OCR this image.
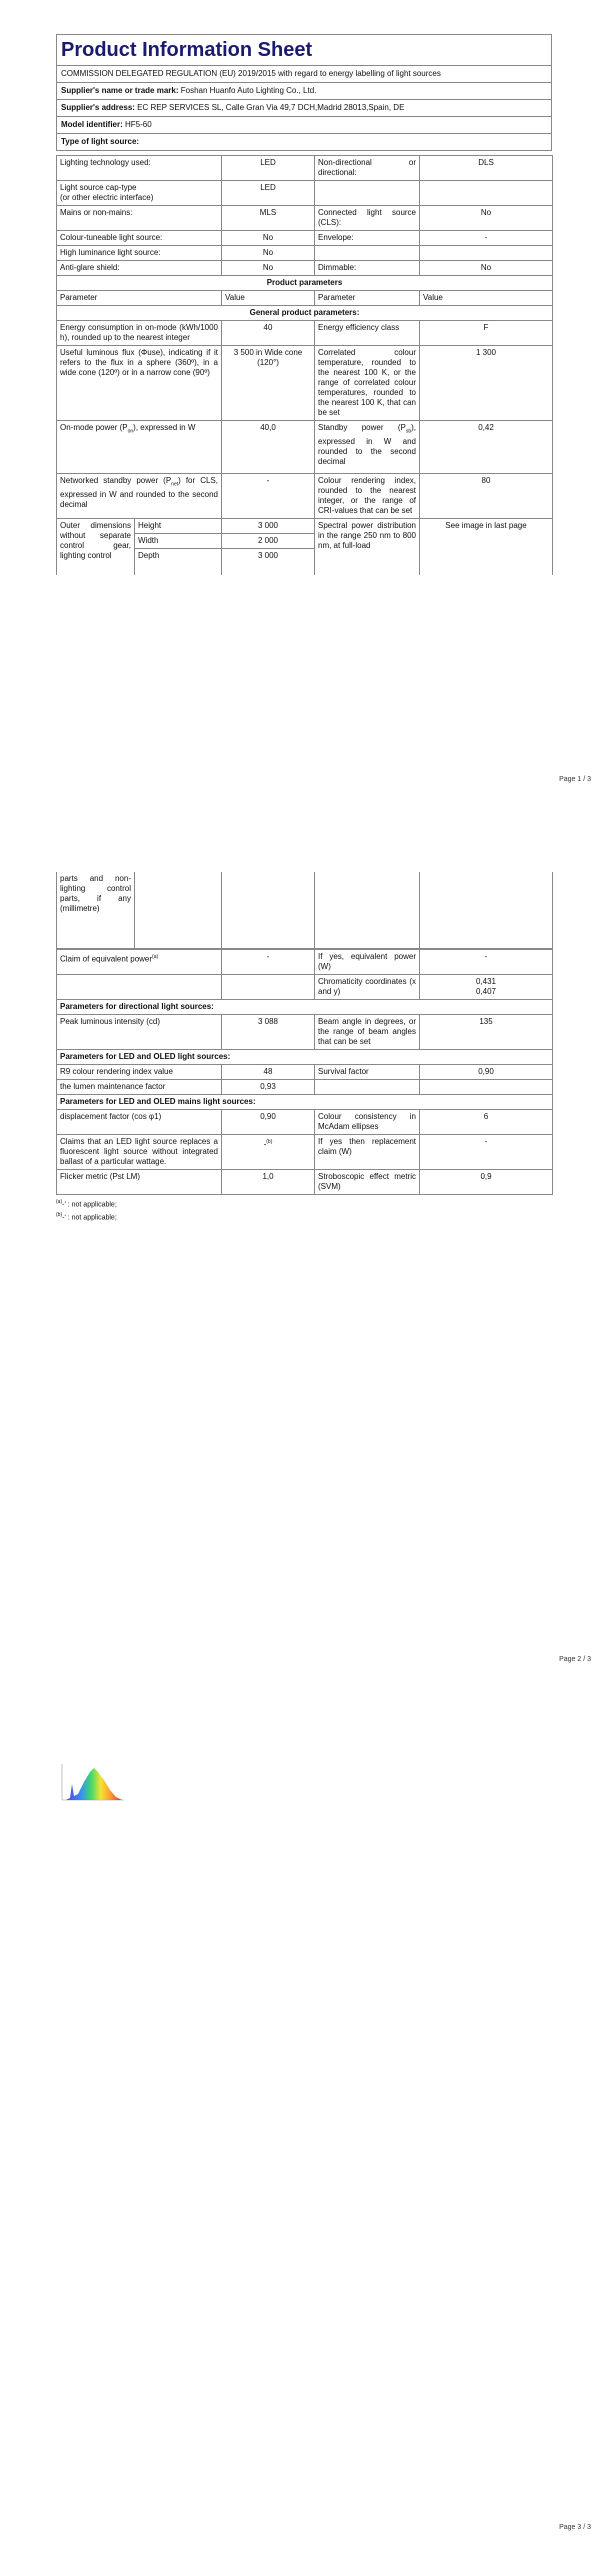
Product Information Sheet
COMMISSION DELEGATED REGULATION (EU) 2019/2015 with regard to energy labelling of light sources
Supplier's name or trade mark: Foshan Huanfo Auto Lighting Co., Ltd.
Supplier's address: EC REP SERVICES SL, Calle Gran Via 49,7 DCH,Madrid 28013,Spain, DE
Model identifier: HF5-60
Type of light source:
Lighting technology used:	LED	Non-directional or directional:	DLS
Light source cap-type
(or other electric interface)	LED		
Mains or non-mains:	MLS	Connected light source (CLS):	No
Colour-tuneable light source:	No	Envelope:	-
High luminance light source:	No		
Anti-glare shield:	No	Dimmable:	No
Product parameters			
Parameter	Value	Parameter	Value
General product parameters:			
Energy consumption in on-mode (kWh/1000 h), rounded up to the nearest integer	40	Energy efficiency class	F
Useful luminous flux (Φuse), indicating if it refers to the flux in a sphere (360º), in a wide cone (120º) or in a narrow cone (90º)	3 500 in Wide cone (120°)	Correlated colour temperature, rounded to the nearest 100 K, or the range of correlated colour temperatures, rounded to the nearest 100 K, that can be set	1 300
On-mode power $(P_{on})$, expressed in W	40,0	Standby power $(P_{sb})$, expressed in W and rounded to the second decimal	0,42
Networked standby power $(P_{net})$ for CLS, expressed in W and rounded to the second decimal	-	Colour rendering index, rounded to the nearest integer, or the range of CRI-values that can be set	80
Outer dimensions without separate control gear, lighting control	Height	3 000	Spectral power distribution in the range 250 nm to 800 nm, at full-load	See image in last page
	Width	2 000		
	Depth	3 000		
Page 1 / 3
parts and non-lighting control parts, if any (millimetre)				
Claim of equivalent power$^{(a)}$	-	If yes, equivalent power (W)	-
		Chromaticity coordinates (x and y)	0,431
0,407
Parameters for directional light sources:			
Peak luminous intensity (cd)	3 088	Beam angle in degrees, or the range of beam angles that can be set	135
Parameters for LED and OLED light sources:			
R9 colour rendering index value	48	Survival factor	0,90
the lumen maintenance factor	0,93		
Parameters for LED and OLED mains light sources:			
displacement factor (cos φ1)	0,90	Colour consistency in McAdam ellipses	6
Claims that an LED light source replaces a fluorescent light source without integrated ballast of a particular wattage.	-$^{(b)}$	If yes then replacement claim (W)	-
Flicker metric (Pst LM)	1,0	Stroboscopic effect metric (SVM)	0,9
$^{(a)}$-' : not applicable;
$^{(b)}$-' : not applicable;
Page 2 / 3
Page 3 / 3
